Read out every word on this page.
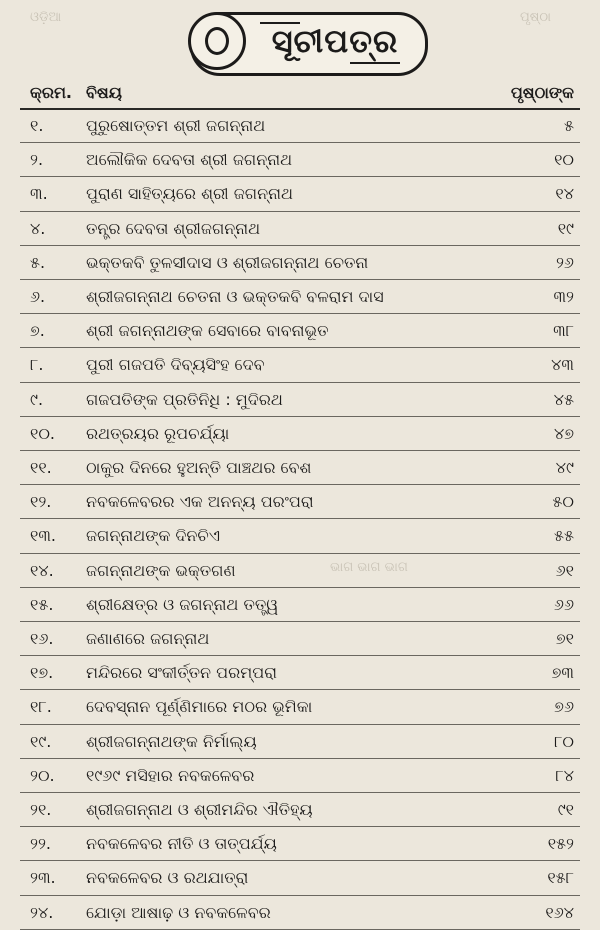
ଓଡ଼ିଆ	ପୃଷ୍ଠା
ଭାଗ ଭାଗ ଭାଗ
ସୂଚୀପତ୍ର
କ୍ରମ. ବିଷୟ	ପୃଷ୍ଠାଙ୍କ
୧.	ପୁରୁଷୋତ୍ତମ ଶ୍ରୀ ଜଗନ୍ନାଥ	୫
୨.	ଅଲୌକିକ ଦେବତା ଶ୍ରୀ ଜଗନ୍ନାଥ	୧୦
୩. ପୁରାଣ ସାହିତ୍ୟରେ ଶ୍ରୀ ଜଗନ୍ନାଥ	୧୪
୪.	ତନ୍ତ୍ର ଦେବତା ଶ୍ରୀଜଗନ୍ନାଥ	୧୯
୫.	ଭକ୍ତକବି ତୁଳସୀଦାସ ଓ ଶ୍ରୀଜଗନ୍ନାଥ ଚେତନା	୨୬
୬.	ଶ୍ରୀଜଗନ୍ନାଥ ଚେତନା ଓ ଭକ୍ତକବି ବଳରାମ ଦାସ	୩୨
୭.	ଶ୍ରୀ ଜଗନ୍ନାଥଙ୍କ ସେବାରେ ବାବନାଭୂତ	୩୮
୮.	ପୁରୀ ଗଜପତି ଦିବ୍ୟସିଂହ ଦେବ	୪୩
୯.	ଗଜପତିଙ୍କ ପ୍ରତିନିଧି : ମୁଦିରଥ	୪୫
୧୦. ରଥତ୍ରୟର ରୂପଚର୍ଯ୍ୟା	୪୭
୧୧. ଠାକୁର ଦିନରେ ହୁଅନ୍ତି ପାଞ୍ଚଥର ବେଶ	୪୯
୧୨. ନବକଳେବରର ଏକ ଅନନ୍ୟ ପରଂପରା	୫୦
୧୩. ଜଗନ୍ନାଥଙ୍କ ଦିନଚିଏ	୫୫
୧୪. ଜଗନ୍ନାଥଙ୍କ ଭକ୍ତଗଣ	୬୧
୧୫. ଶ୍ରୀକ୍ଷେତ୍ର ଓ ଜଗନ୍ନାଥ ତତ୍ତ୍ୱ	୬୬
୧୬. ଜଣାଣରେ ଜଗନ୍ନାଥ	୭୧
୧୭. ମନ୍ଦିରରେ ସଂକୀର୍ତ୍ତନ ପରମ୍ପରା	୭୩
୧୮. ଦେବସ୍ନାନ ପୂର୍ଣ୍ଣିମାରେ ମଠର ଭୂମିକା	୭୬
୧୯. ଶ୍ରୀଜଗନ୍ନାଥଙ୍କ ନିର୍ମାଲ୍ୟ	୮୦
୨୦. ୧୯୬୯ ମସିହାର ନବକଳେବର	୮୪
୨୧. ଶ୍ରୀଜଗନ୍ନାଥ ଓ ଶ୍ରୀମନ୍ଦିର ଐତିହ୍ୟ	୯୧
୨୨. ନବକଳେବର ନୀତି ଓ ତାତ୍ପର୍ଯ୍ୟ	୧୫୨
୨୩. ନବକଳେବର ଓ ରଥଯାତ୍ରା	୧୫୮
୨୪. ଯୋଡ଼ା ଆଷାଢ଼ ଓ ନବକଳେବର	୧୬୪
